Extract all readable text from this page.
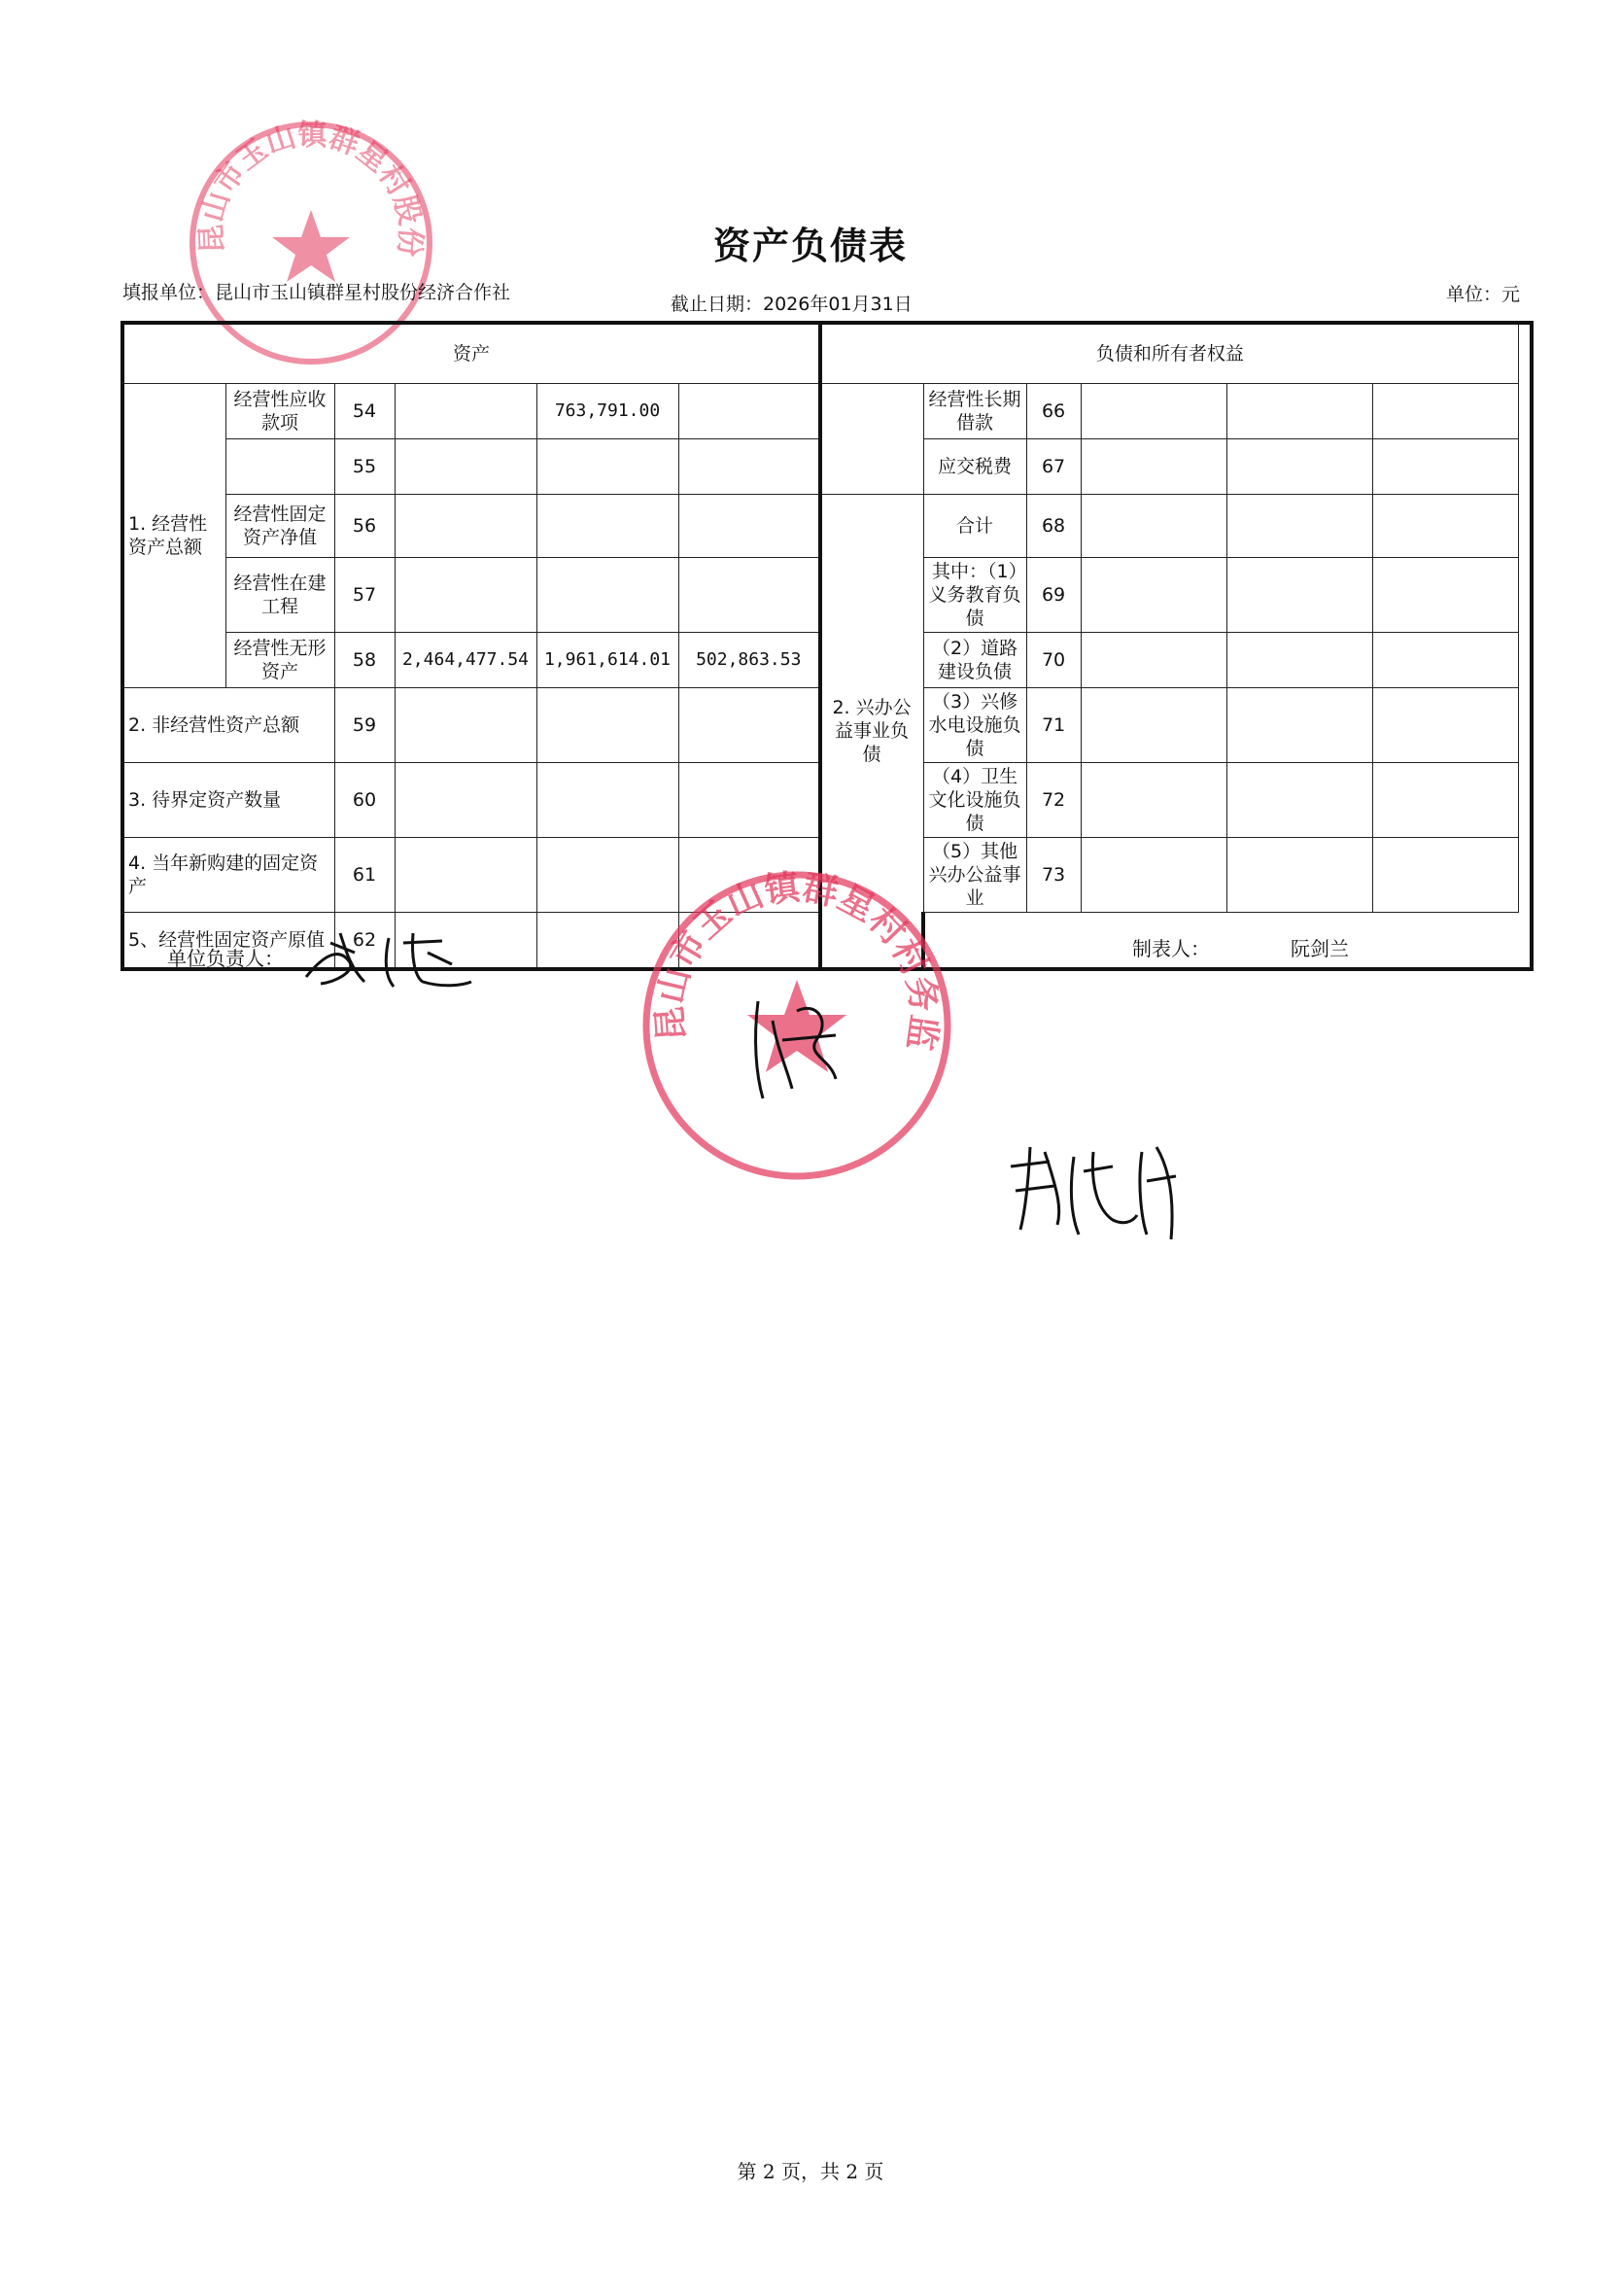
昆山市玉山镇群星村股份经济合作社
资产负债表
填报单位：昆山市玉山镇群星村股份经济合作社
截止日期：2026年01月31日	单位：元
资产						负债和所有者权益					
1. 经营性资产总额	经营性应收款项	54		763,791.00			经营性长期借款	66			
		55					应交税费	67			
	经营性固定资产净值	56				2. 兴办公益事业负债	合计	68			
	经营性在建工程	57					其中：（1）义务教育负债	69			
	经营性无形资产	58	2,464,477.54	1,961,614.01	502,863.53		（2）道路建设负债	70			
2. 非经营性资产总额		59					（3）兴修水电设施负债	71			
3. 待界定资产数量		60					（4）卫生文化设施负债	72			
4. 当年新购建的固定资产		61					（5）其他兴办公益事业	73			
5、经营性固定资产原值		62									
单位负责人：	制表人：	阮剑兰
昆山市玉山镇群星村村务监督委员会
第 2 页，共 2 页
